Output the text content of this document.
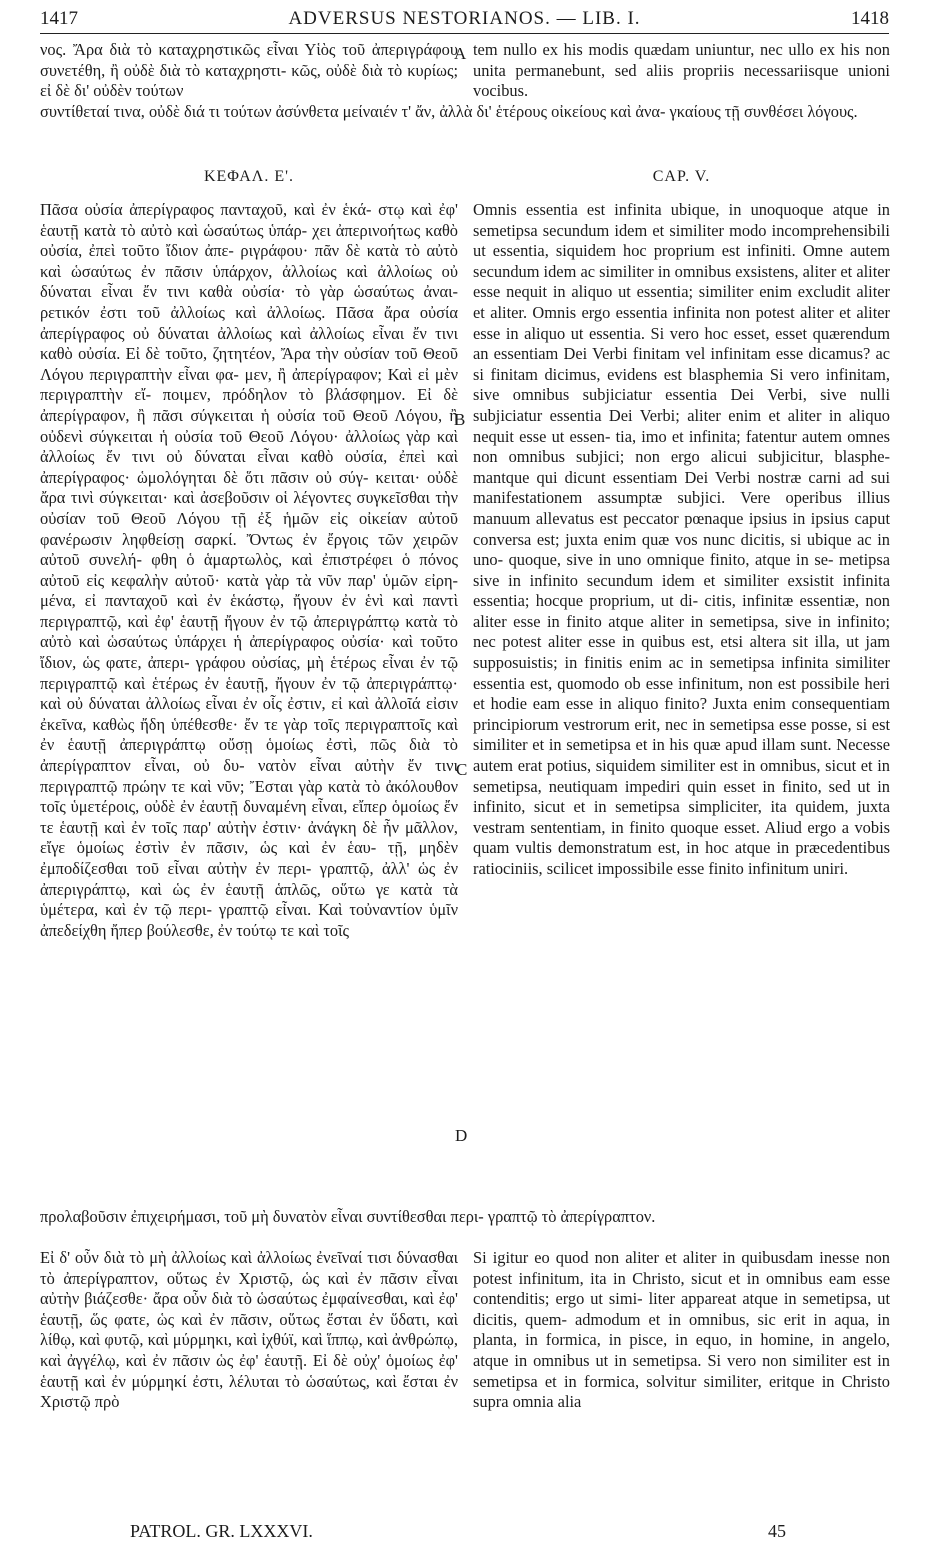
1417	ADVERSUS NESTORIANOS. — LIB. I.	1418

νος. Ἄρα διὰ τὸ καταχρηστικῶς εἶναι Υἱὸς τοῦ ἀπεριγράφου συνετέθη, ἢ οὐδὲ διὰ τὸ καταχρηστι- κῶς, οὐδὲ διὰ τὸ κυρίως; εἰ δὲ δι' οὐδὲν τούτων

tem nullo ex his modis quædam uniuntur, nec ullo ex his non unita permanebunt, sed aliis propriis necessariisque unioni vocibus.

συντίθεταί τινα, οὐδὲ διά τι τούτων ἀσύνθετα μείναιέν τ' ἄν, ἀλλὰ δι' ἑτέρους οἰκείους καὶ ἀνα- γκαίους τῇ συνθέσει λόγους.

A
ΚΕΦΑΛ. Ε'.	CAP. V.

Πᾶσα οὐσία ἀπερίγραφος πανταχοῦ, καὶ ἐν ἑκά- στῳ καὶ ἐφ' ἑαυτῇ κατὰ τὸ αὐτὸ καὶ ὡσαύτως ὑπάρ- χει ἀπερινοήτως καθὸ οὐσία, ἐπεὶ τοῦτο ἴδιον ἀπε- ριγράφου· πᾶν δὲ κατὰ τὸ αὐτὸ καὶ ὡσαύτως ἐν πᾶσιν ὑπάρχον, ἀλλοίως καὶ ἀλλοίως οὐ δύναται εἶναι ἔν τινι καθὰ οὐσία· τὸ γὰρ ὡσαύτως ἀναι- ρετικόν ἐστι τοῦ ἀλλοίως καὶ ἀλλοίως. Πᾶσα ἄρα οὐσία ἀπερίγραφος οὐ δύναται ἀλλοίως καὶ ἀλλοίως εἶναι ἔν τινι καθὸ οὐσία. Εἰ δὲ τοῦτο, ζητητέον, Ἄρα τὴν οὐσίαν τοῦ Θεοῦ Λόγου περιγραπτὴν εἶναι φα- μεν, ἢ ἀπερίγραφον; Καὶ εἰ μὲν περιγραπτὴν εἴ- ποιμεν, πρόδηλον τὸ βλάσφημον. Εἰ δὲ ἀπερίγραφον, ἢ πᾶσι σύγκειται ἡ οὐσία τοῦ Θεοῦ Λόγου, ἢ οὐδενὶ σύγκειται ἡ οὐσία τοῦ Θεοῦ Λόγου· ἀλλοίως γὰρ καὶ ἀλλοίως ἔν τινι οὐ δύναται εἶναι καθὸ οὐσία, ἐπεὶ καὶ ἀπερίγραφος· ὡμολόγηται δὲ ὅτι πᾶσιν οὐ σύγ- κειται· οὐδὲ ἄρα τινὶ σύγκειται· καὶ ἀσεβοῦσιν οἱ λέγοντες συγκεῖσθαι τὴν οὐσίαν τοῦ Θεοῦ Λόγου τῇ ἐξ ἡμῶν εἰς οἰκείαν αὐτοῦ φανέρωσιν ληφθείσῃ σαρκί. Ὄντως ἐν ἔργοις τῶν χειρῶν αὐτοῦ συνελή- φθη ὁ ἁμαρτωλὸς, καὶ ἐπιστρέφει ὁ πόνος αὐτοῦ εἰς κεφαλὴν αὐτοῦ· κατὰ γὰρ τὰ νῦν παρ' ὑμῶν εἰρη- μένα, εἰ πανταχοῦ καὶ ἐν ἑκάστῳ, ἤγουν ἐν ἑνὶ καὶ παντὶ περιγραπτῷ, καὶ ἐφ' ἑαυτῇ ἤγουν ἐν τῷ ἀπεριγράπτῳ κατὰ τὸ αὐτὸ καὶ ὡσαύτως ὑπάρχει ἡ ἀπερίγραφος οὐσία· καὶ τοῦτο ἴδιον, ὡς φατε, ἀπερι- γράφου οὐσίας, μὴ ἑτέρως εἶναι ἐν τῷ περιγραπτῷ καὶ ἑτέρως ἐν ἑαυτῇ, ἤγουν ἐν τῷ ἀπεριγράπτῳ· καὶ οὐ δύναται ἀλλοίως εἶναι ἐν οἷς ἐστιν, εἰ καὶ ἀλλοῖά εἰσιν ἐκεῖνα, καθὼς ἤδη ὑπέθεσθε· ἔν τε γὰρ τοῖς περιγραπτοῖς καὶ ἐν ἑαυτῇ ἀπεριγράπτῳ οὔσῃ ὁμοίως ἐστὶ, πῶς διὰ τὸ ἀπερίγραπτον εἶναι, οὐ δυ- νατὸν εἶναι αὐτὴν ἔν τινι περιγραπτῷ πρώην τε καὶ νῦν; Ἔσται γὰρ κατὰ τὸ ἀκόλουθον τοῖς ὑμετέροις, οὐδὲ ἐν ἑαυτῇ δυναμένη εἶναι, εἴπερ ὁμοίως ἔν τε ἑαυτῇ καὶ ἐν τοῖς παρ' αὐτὴν ἐστιν· ἀνάγκη δὲ ἦν μᾶλλον, εἴγε ὁμοίως ἐστὶν ἐν πᾶσιν, ὡς καὶ ἐν ἑαυ- τῇ, μηδὲν ἐμποδίζεσθαι τοῦ εἶναι αὐτὴν ἐν περι- γραπτῷ, ἀλλ' ὡς ἐν ἀπεριγράπτῳ, καὶ ὡς ἐν ἑαυτῇ ἁπλῶς, οὕτω γε κατὰ τὰ ὑμέτερα, καὶ ἐν τῷ περι- γραπτῷ εἶναι. Καὶ τοὐναντίον ὑμῖν ἀπεδείχθη ἤπερ βούλεσθε, ἐν τούτῳ τε καὶ τοῖς

Omnis essentia est infinita ubique, in unoquoque atque in semetipsa secundum idem et similiter modo incomprehensibili ut essentia, siquidem hoc proprium est infiniti. Omne autem secundum idem ac similiter in omnibus exsistens, aliter et aliter esse nequit in aliquo ut essentia; similiter enim excludit aliter et aliter. Omnis ergo essentia infinita non potest aliter et aliter esse in aliquo ut essentia. Si vero hoc esset, esset quærendum an essentiam Dei Verbi finitam vel infinitam esse dicamus? ac si finitam dicimus, evidens est blasphemia Si vero infinitam, sive omnibus subjiciatur essentia Dei Verbi, sive nulli subjiciatur essentia Dei Verbi; aliter enim et aliter in aliquo nequit esse ut essen- tia, imo et infinita; fatentur autem omnes non omnibus subjici; non ergo alicui subjicitur, blasphe- mantque qui dicunt essentiam Dei Verbi nostræ carni ad sui manifestationem assumptæ subjici. Vere operibus illius manuum allevatus est peccator pœnaque ipsius in ipsius caput conversa est; juxta enim quæ vos nunc dicitis, si ubique ac in uno- quoque, sive in uno omnique finito, atque in se- metipsa sive in infinito secundum idem et similiter exsistit infinita essentia; hocque proprium, ut di- citis, infinitæ essentiæ, non aliter esse in finito atque aliter in semetipsa, sive in infinito; nec potest aliter esse in quibus est, etsi altera sit illa, ut jam supposuistis; in finitis enim ac in semetipsa infinita similiter essentia est, quomodo ob esse infinitum, non est possibile heri et hodie eam esse in aliquo finito? Juxta enim consequentiam principiorum vestrorum erit, nec in semetipsa esse posse, si est similiter et in semetipsa et in his quæ apud illam sunt. Necesse autem erat potius, siquidem similiter est in omnibus, sicut et in semetipsa, neutiquam impediri quin esset in finito, sed ut in infinito, sicut et in semetipsa simpliciter, ita quidem, juxta vestram sententiam, in finito quoque esset. Aliud ergo a vobis quam vultis demonstratum est, in hoc atque in præcedentibus ratiociniis, scilicet impossibile esse finito infinitum uniri.

B
C
D

προλαβοῦσιν ἐπιχειρήμασι, τοῦ μὴ δυνατὸν εἶναι συντίθεσθαι περι- γραπτῷ τὸ ἀπερίγραπτον.

Εἰ δ' οὖν διὰ τὸ μὴ ἀλλοίως καὶ ἀλλοίως ἐνεῖναί τισι δύνασθαι τὸ ἀπερίγραπτον, οὕτως ἐν Χριστῷ, ὡς καὶ ἐν πᾶσιν εἶναι αὐτὴν βιάζεσθε· ἄρα οὖν διὰ τὸ ὡσαύτως ἐμφαίνεσθαι, καὶ ἐφ' ἑαυτῇ, ὥς φατε, ὡς καὶ ἐν πᾶσιν, οὕτως ἔσται ἐν ὕδατι, καὶ λίθῳ, καὶ φυτῷ, καὶ μύρμηκι, καὶ ἰχθύϊ, καὶ ἵππῳ, καὶ ἀνθρώπῳ, καὶ ἀγγέλῳ, καὶ ἐν πᾶσιν ὡς ἐφ' ἑαυτῇ. Εἰ δὲ οὐχ' ὁμοίως ἐφ' ἑαυτῇ καὶ ἐν μύρμηκί ἐστι, λέλυται τὸ ὡσαύτως, καὶ ἔσται ἐν Χριστῷ πρὸ

Si igitur eo quod non aliter et aliter in quibusdam inesse non potest infinitum, ita in Christo, sicut et in omnibus eam esse contenditis; ergo ut simi- liter appareat atque in semetipsa, ut dicitis, quem- admodum et in omnibus, sic erit in aqua, in planta, in formica, in pisce, in equo, in homine, in angelo, atque in omnibus ut in semetipsa. Si vero non similiter est in semetipsa et in formica, solvitur similiter, eritque in Christo supra omnia alia

PATROL. GR. LXXXVI.	45
